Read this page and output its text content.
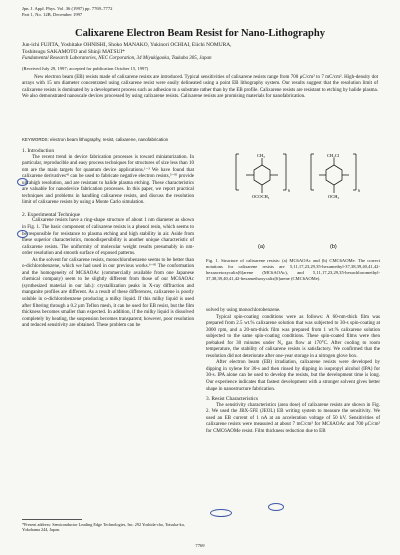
Jpn. J. Appl. Phys. Vol. 36 (1997) pp. 7769–7772
Part 1, No. 12B, December 1997
Calixarene Electron Beam Resist for Nano-Lithography
Jun-ichi FUJITA, Yoshitake OHNISHI, Shoko MANAKO, Yukinori OCHIAI, Eiichi NOMURA,
Toshitsugu SAKAMOTO and Shinji MATSUI*
Fundamental Research Laboratories, NEC Corporation, 34 Miyukigaoka, Tsukuba 305, Japan
(Received July 29, 1997; accepted for publication October 15, 1997)
New electron beam (EB) resists made of calixarene resists are introduced. Typical sensitivities of calixarene resists range from 700 μC/cm² to 7 mC/cm². High-density dot arrays with 15 nm diameter concentrated using calixarene resist were easily delineated using a point EB lithography system. Our results suggest that the resolution limit of calixarene resists is dominated by a development process such as adhesion to a substrate rather than by the EB profile. Calixarene resists are resistant to etching by halide plasma. We also demonstrated nanoscale devices processed by using calixarene resists. Calixarene resists are promising materials for nanofabrication.
KEYWORDS: electron beam lithography, resist, calixarene, nanofabrication
1. Introduction

The recent trend in device fabrication processes is toward miniaturization. In particular, reproducible and easy process techniques for structures of size less than 10 nm are the main targets for quantum device applications.¹⁻³ We have found that calixarene derivatives⁴⁾ can be used to fabricate negative electron resists,⁵⁻⁸⁾ provide ultrahigh resolution, and are resistant to halide plasma etching. These characteristics are valuable for nanodevice fabrication processes. In this paper, we report practical techniques and problems in handling calixarene resists, and discuss the resolution limit of calixarene resists by using a Monte Carlo simulation.

2. Experimental Technique

Calixarene resists have a ring-shape structure of about 1 nm diameter as shown in Fig. 1. The basic component of calixarene resists is a phenol resin, which seems to be responsible for resistance to plasma etching and high stability in air. Aside from these superior characteristics, monodispersibility is another unique characteristic of calixarene resists. The uniformity of molecular weight results presumably in nm-order resolution and smooth surface of exposed patterns.

As the solvent for calixarene resists, monochlorobenzene seems to be better than o-dichlorobenzene, which we had used in our previous works.⁶⁻⁸⁾ The conformation and the homogeneity of MC6AOAc (commercially available from one Japanese chemical company) seem to be slightly different from those of our MC6AOAc (synthesized material in our lab.): crystallization peaks in X-ray diffraction and manganite profiles are different. As a result of these differences, calixarene is poorly soluble in o-dichlorobenzene producing a milky liquid. If this milky liquid is used after filtering through a 0.2 μm Teflon mesh, it can be used for EB resist, but the film thickness becomes smaller than expected. In addition, if the milky liquid is dissolved completely by heating, the suspension becomes transparent; however, poor resolution and reduced sensitivity are obtained. These problem can be

*Present address: Semiconductor Leading Edge Technologies, Inc. 292 Yoshida-cho, Totsuka-ku, Yokohama 244, Japan.
CH₃
OCOCH₃
6
CH₂Cl
OCH₃
6
(a)	(b)
Fig. 1. Structure of calixarene resists: (a) MC6AOAc and (b) CMC6AOMe. The correct notations for calixarene resists are 5,11,17,23,29,35-hexamethyl-37,38,39,40,41,42-hexaacetoxycalix[6]arene (MC6AOAc), and 5,11,17,23,29,35-hexachloromethyl-37,38,39,40,41,42-hexamethoxycalix[6]arene (CMC6AOMe).

solved by using monochlorobenzene.

Typical spin-coating conditions were as follows: A 60-nm-thick film was prepared from 2.5 wt.% calixarene solution that was subjected to 30-s spin-coating at 3000 rpm, and a 20-nm-thick film was prepared from 1 wt.% calixarene solution subjected to the same spin-coating conditions. These spin-coated films were then prebaked for 30 minutes under N₂ gas flow at 170°C. After cooling to room temperature, the stability of calixarene resists is satisfactory. We confirmed that the resolution did not deteriorate after one-year storage in a nitrogen glove box.

After electron beam (EB) irradiation, calixarene resists were developed by dipping in xylene for 30-s and then rinsed by dipping in isopropyl alcohol (IPA) for 30-s. IPA alone can be used to develop the resists, but the development time is long. Our experience indicates that fastest development with a stronger solvent gives better shape in nanostructure fabrication.

3. Resist Characteristics

The sensitivity characteristics (area dose) of calixarene resists are shown in Fig. 2. We used the JBX-5FE (JEOL) EB writing system to measure the sensitivity. We used an EB current of 1 nA at an acceleration voltage of 50 kV. Sensitivities of calixarene resists were measured at about 7 mC/cm² for MC6AOAc and 700 μC/cm² for CMC6AOMe resist. Film thickness reduction due to EB

7769
